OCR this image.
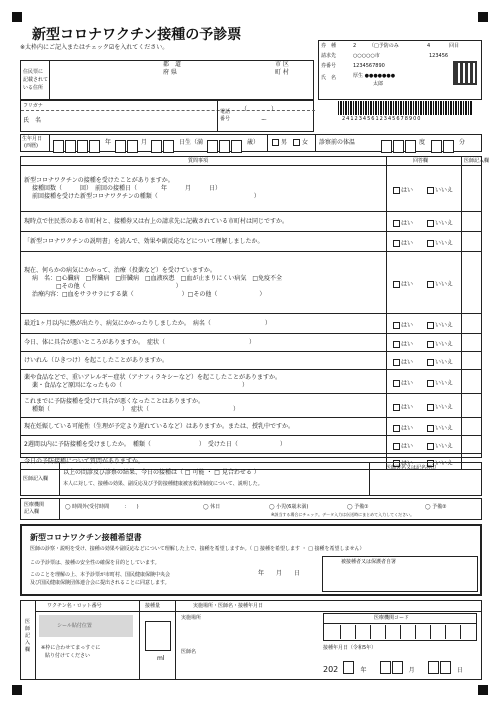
新型コロナワクチン接種の予診票
※太枠内にご記入またはチェック☑を入れてください。	券　種	2	（□予防のみ	4	回目
請求先	○○○○○市	123456
券番号	1234567890
氏　名	厚生 ●●●●●●●
太郎
2412345612345678900
住民票に
記載されて
いる住所
都　道
府 県
市 区
町 村
フリガナ
氏　名
電話
番号
（　　　　）
ー
生年月日
(西暦)	年	月	日生（満	歳）	男 女 診察前の体温	度	分
質問事項	回答欄	医師記入欄
新型コロナワクチンの接種を受けたことがありますか。
接種回数（　　　回）　前回の接種日（　　　　年　　　月　　　日）
前回接種を受けた新型コロナワクチンの種類（　　　　　　　　　　　　　　　　）
はい	いいえ
現時点で住民票のある市町村と、接種券又は右上の請求先に記載されている市町村は同じですか。	はい	いいえ
「新型コロナワクチンの説明書」を読んで、効果や副反応などについて理解しましたか。	はい	いいえ
現在、何らかの病気にかかって、治療（投薬など）を受けていますか。
病　名：□心臓病　□腎臓病　□肝臓病　□血液疾患　□血が止まりにくい病気　□免疫不全
　　　　□その他（　　　　　　　　　　　　　　　）
治療内容：□血をサラサラにする薬（　　　　　　　　）□その他（　　　　　　　）
はい	いいえ
最近1ヶ月以内に熱が出たり、病気にかかったりしましたか。　病名（　　　　　　　　　）	はい	いいえ
今日、体に具合が悪いところがありますか。　症状（　　　　　　　　　　　　　　）	はい	いいえ
けいれん（ひきつけ）を起こしたことがありますか。	はい	いいえ
薬や食品などで、重いアレルギー症状（アナフィラキシーなど）を起こしたことがありますか。
薬・食品など原因になったもの（　　　　　　　　　　　　　　　　　　　　）	はい	いいえ
これまでに予防接種を受けて具合が悪くなったことはありますか。
種類（　　　　　　　　　　　　）　症状（　　　　　　　　　　　　　　）	はい	いいえ
現在妊娠している可能性（生理が予定より遅れているなど）はありますか。または、授乳中ですか。	はい	いいえ
2週間以内に予防接種を受けましたか。　種類（　　　　　　　　）　受けた日（　　　　　　　）	はい	いいえ
今日の予防接種について質問がありますか。	はい	いいえ
医師記入欄
以上の問診及び診察の結果、今日の接種は（ □ 可能 ・ □ 見合わせる ）
本人に対して、接種の効果、副反応及び予防接種健康被害救済制度について、説明した。
医師署名又は記名押印
医療機関
記入欄
◯ 時間外(受付時間　　　：　　)	◯ 休日	◯ 小児(6歳未満)	◯ 予備①	◯ 予備②
※該当する場合にチェック。データ入力は伝送時にまとめて入力してください。
新型コロナワクチン接種希望書
医師の診察・説明を受け、接種の効果や副反応などについて理解した上で、接種を希望しますか。（ □ 接種を希望します ・ □ 接種を希望しません）
この予診票は、接種の安全性の確保を目的としています。
このことを理解の上、本予診票が市町村、国民健康保険中央会
及び国民健康保険団体連合会に提出されることに同意します。
年　　月　　日
被接種者又は保護者自署
医師記入欄
ワクチン名・ロット番号	接種量	実施場所・医師名・接種年月日
シール貼付位置
※枠に合わせてまっすぐに
貼り付けてください	ml
実施場所
医師名
医療機関コード
接種年月日（令和5年）
202	年	月	日
